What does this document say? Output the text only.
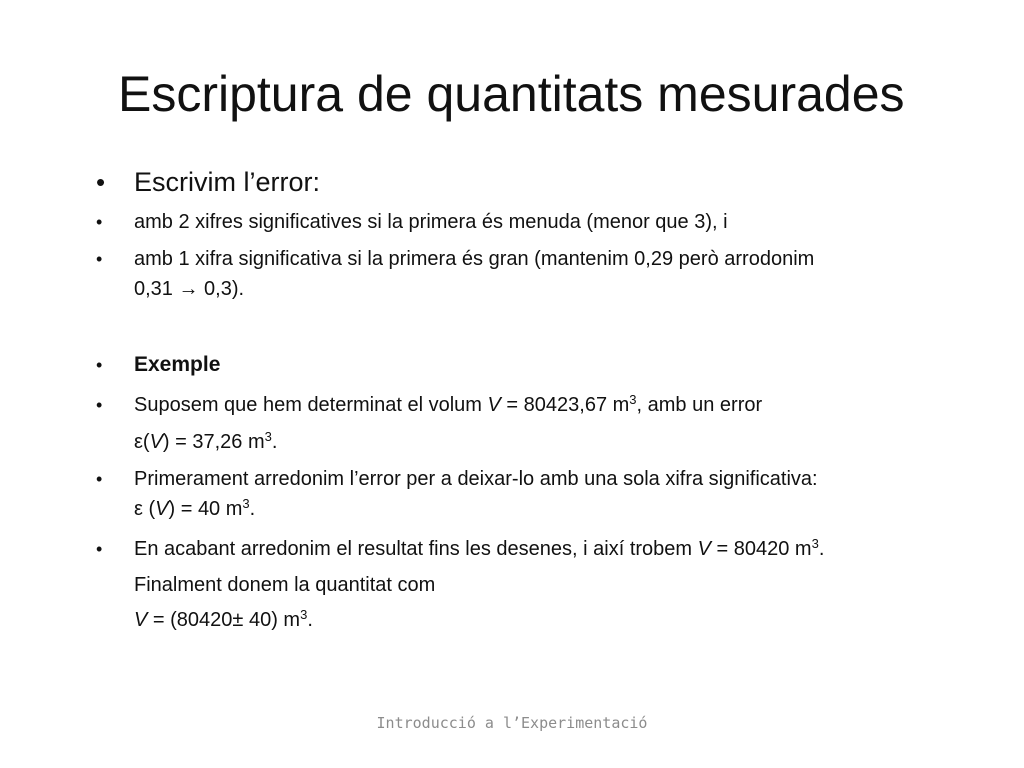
Escriptura de quantitats mesurades
• Escrivim l’error:
• amb 2 xifres significatives si la primera és menuda (menor que 3), i
• amb 1 xifra significativa si la primera és gran (mantenim 0,29 però arrodonim
0,31 → 0,3).
• Exemple
• Suposem que hem determinat el volum V = 80423,67 $m^3$, amb un error
ε(V) = 37,26 $m^3$.
• Primerament arredonim l’error per a deixar-lo amb una sola xifra significativa:
ε (V) = 40 $m^3$.
• En acabant arredonim el resultat fins les desenes, i així trobem V = 80420 $m^3$.
Finalment donem la quantitat com
V = (80420± 40) $m^3$.
Introducció a l’Experimentació
